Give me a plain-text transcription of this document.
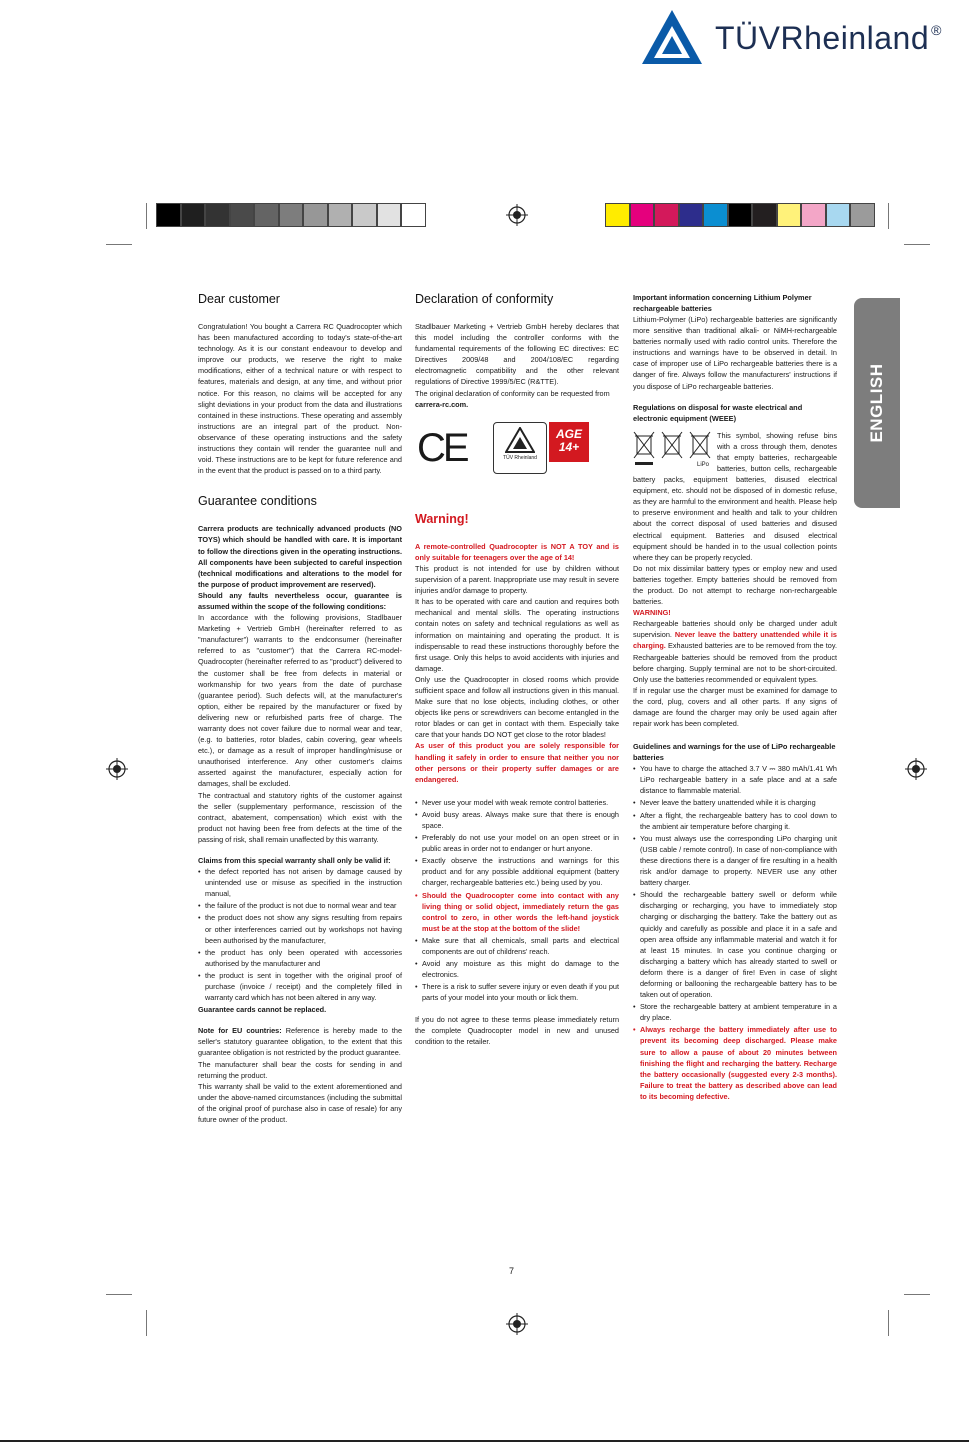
TÜVRheinland ®
ENGLISH
Dear customer

Congratulation! You bought a Carrera RC Quadrocopter which has been manufactured according to today's state-of-the-art technology. As it is our constant endeavour to develop and improve our products, we reserve the right to make modifications, either of a technical nature or with respect to features, materials and design, at any time, and without prior notice. For this reason, no claims will be accepted for any slight deviations in your product from the data and illustrations contained in these instructions. These operating and assembly instructions are an integral part of the product. Non-observance of these operating instructions and the safety instructions they contain will render the guarantee null and void. These instructions are to be kept for future reference and in the event that the product is passed on to a third party.

Guarantee conditions

Carrera products are technically advanced products (NO TOYS) which should be handled with care. It is important to follow the directions given in the operating instructions. All components have been subjected to careful inspection (technical modifications and alterations to the model for the purpose of product improvement are reserved).

Should any faults nevertheless occur, guarantee is assumed within the scope of the following conditions:

In accordance with the following provisions, Stadlbauer Marketing + Vertrieb GmbH (hereinafter referred to as "manufacturer") warrants to the endconsumer (hereinafter referred to as "customer") that the Carrera RC-model-Quadrocopter (hereinafter referred to as "product") delivered to the customer shall be free from defects in material or workmanship for two years from the date of purchase (guarantee period). Such defects will, at the manufacturer's option, either be repaired by the manufacturer or fixed by delivering new or refurbished parts free of charge. The warranty does not cover failure due to normal wear and tear, (e.g. to batteries, rotor blades, cabin covering, gear wheels etc.), or damage as a result of improper handling/misuse or unauthorised interference. Any other customer's claims asserted against the manufacturer, especially action for damages, shall be excluded.

The contractual and statutory rights of the customer against the seller (supplementary performance, rescission of the contract, abatement, compensation) which exist with the product not having been free from defects at the time of the passing of risk, shall remain unaffected by this warranty.

Claims from this special warranty shall only be valid if:
• the defect reported has not arisen by damage caused by unintended use or misuse as specified in the instruction manual,
• the failure of the product is not due to normal wear and tear
• the product does not show any signs resulting from repairs or other interferences carried out by workshops not having been authorised by the manufacturer,
• the product has only been operated with accessories authorised by the manufacturer and
• the product is sent in together with the original proof of purchase (invoice / receipt) and the completely filled in warranty card which has not been altered in any way.

Guarantee cards cannot be replaced.

Note for EU countries: Reference is hereby made to the seller's statutory guarantee obligation, to the extent that this guarantee obligation is not restricted by the product guarantee.

The manufacturer shall bear the costs for sending in and returning the product.

This warranty shall be valid to the extent aforementioned and under the above-named circumstances (including the submittal of the original proof of purchase also in case of resale) for any future owner of the product.

Declaration of conformity

Stadlbauer Marketing + Vertrieb GmbH hereby declares that this model including the controller conforms with the fundamental requirements of the following EC directives: EC Directives 2009/48 and 2004/108/EC regarding electromagnetic compatibility and the other relevant regulations of Directive 1999/5/EC (R&TTE).

The original declaration of conformity can be requested from

carrera-rc.com.

CE	TÜV Rheinland
AGE 14+
Warning!

A remote-controlled Quadrocopter is NOT A TOY and is only suitable for teenagers over the age of 14!

This product is not intended for use by children without supervision of a parent. Inappropriate use may result in severe injuries and/or damage to property.

It has to be operated with care and caution and requires both mechanical and mental skills. The operating instructions contain notes on safety and technical regulations as well as information on maintaining and operating the product. It is indispensable to read these instructions thoroughly before the first usage. Only this helps to avoid accidents with injuries and damage.

Only use the Quadrocopter in closed rooms which provide sufficient space and follow all instructions given in this manual. Make sure that no lose objects, including clothes, or other objects like pens or screwdrivers can become entangled in the rotor blades or can get in contact with them. Especially take care that your hands DO NOT get close to the rotor blades!

As user of this product you are solely responsible for handling it safely in order to ensure that neither you nor other persons or their property suffer damages or are endangered.

• Never use your model with weak remote control batteries.
• Avoid busy areas. Always make sure that there is enough space.
• Preferably do not use your model on an open street or in public areas in order not to endanger or hurt anyone.
• Exactly observe the instructions and warnings for this product and for any possible additional equipment (battery charger, rechargeable batteries etc.) being used by you.
• Should the Quadrocopter come into contact with any living thing or solid object, immediately return the gas control to zero, in other words the left-hand joystick must be at the stop at the bottom of the slide!
• Make sure that all chemicals, small parts and electrical components are out of childrens' reach.
• Avoid any moisture as this might do damage to the electronics.
• There is a risk to suffer severe injury or even death if you put parts of your model into your mouth or lick them.

If you do not agree to these terms please immediately return the complete Quadrocopter model in new and unused condition to the retailer.

Important information concerning Lithium Polymer rechargeable batteries

Lithium-Polymer (LiPo) rechargeable batteries are significantly more sensitive than traditional alkali- or NiMH-rechargeable batteries normally used with radio control units. Therefore the instructions and warnings have to be observed in detail. In case of improper use of LiPo rechargeable batteries there is a danger of fire. Always follow the manufacturers' instructions if you dispose of LiPo rechargeable batteries.

Regulations on disposal for waste electrical and electronic equipment (WEEE)
LiPo

This symbol, showing refuse bins with a cross through them, denotes that empty batteries, rechargeable batteries, button cells, rechargeable battery packs, equipment batteries, disused electrical equipment, etc. should not be disposed of in domestic refuse, as they are harmful to the environment and health. Please help to preserve environment and health and talk to your children about the correct disposal of used batteries and disused electrical equipment. Batteries and disused electrical equipment should be handed in to the usual collection points where they can be properly recycled.

Do not mix dissimilar battery types or employ new and used batteries together. Empty batteries should be removed from the product. Do not attempt to recharge non-rechargeable batteries.

WARNING!

Rechargeable batteries should only be charged under adult supervision. Never leave the battery unattended while it is charging. Exhausted batteries are to be removed from the toy. Rechargeable batteries should be removed from the product before charging. Supply terminal are not to be short-circuited. Only use the batteries recommended or equivalent types.

If in regular use the charger must be examined for damage to the cord, plug, covers and all other parts. If any signs of damage are found the charger may only be used again after repair work has been completed.

Guidelines and warnings for the use of LiPo rechargeable batteries
• You have to charge the attached 3.7 V ⎓ 380 mAh/1.41 Wh LiPo rechargeable battery in a safe place and at a safe distance to flammable material.
• Never leave the battery unattended while it is charging
• After a flight, the rechargeable battery has to cool down to the ambient air temperature before charging it.
• You must always use the corresponding LiPo charging unit (USB cable / remote control). In case of non-compliance with these directions there is a danger of fire resulting in a health risk and/or damage to property. NEVER use any other battery charger.
• Should the rechargeable battery swell or deform while discharging or recharging, you have to immediately stop charging or discharging the battery. Take the battery out as quickly and carefully as possible and place it in a safe and open area offside any inflammable material and watch it for at least 15 minutes. In case you continue charging or discharging a battery which has already started to swell or deform there is a danger of fire! Even in case of slight deforming or ballooning the rechargeable battery has to be taken out of operation.
• Store the rechargeable battery at ambient temperature in a dry place.
• Always recharge the battery immediately after use to prevent its becoming deep discharged. Please make sure to allow a pause of about 20 minutes between finishing the flight and recharging the battery. Recharge the battery occasionally (suggested every 2-3 months). Failure to treat the battery as described above can lead to its becoming defective.
7
